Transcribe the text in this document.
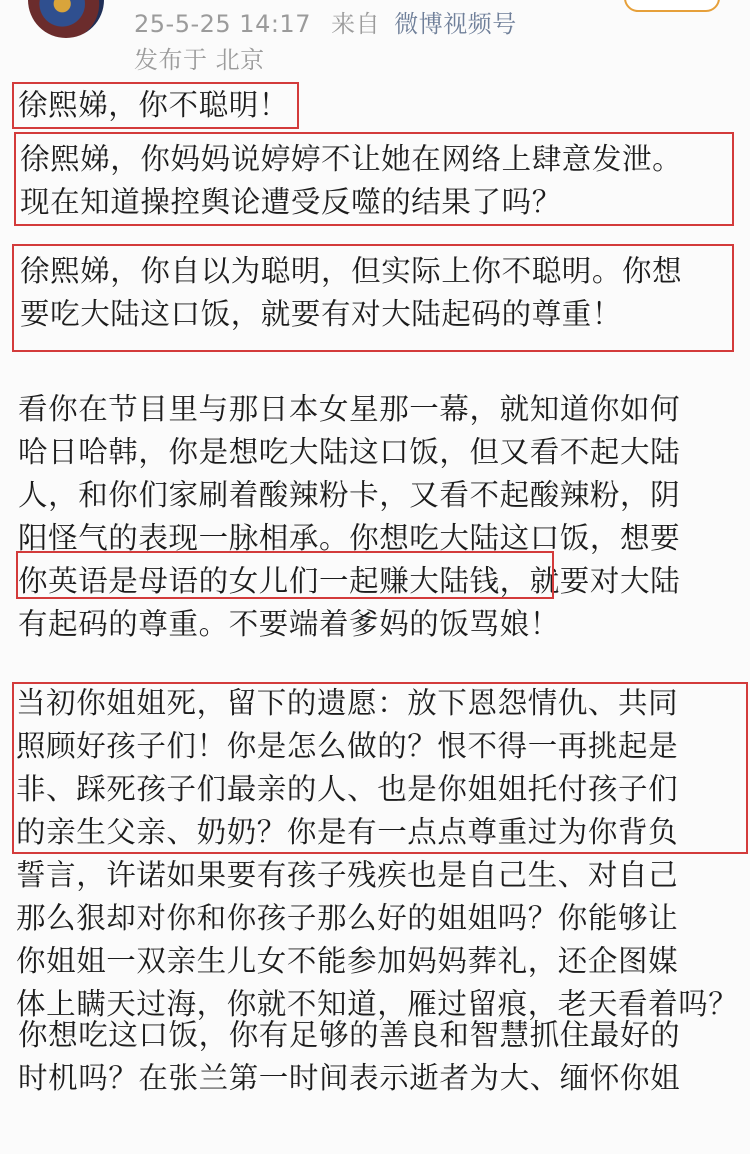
25-5-25 14:17 来自 微博视频号
发布于 北京
徐熙娣，你不聪明！
徐熙娣，你妈妈说婷婷不让她在网络上肆意发泄。
现在知道操控舆论遭受反噬的结果了吗？
徐熙娣，你自以为聪明，但实际上你不聪明。你想
要吃大陆这口饭，就要有对大陆起码的尊重！
看你在节目里与那日本女星那一幕，就知道你如何
哈日哈韩，你是想吃大陆这口饭，但又看不起大陆
人，和你们家刷着酸辣粉卡，又看不起酸辣粉，阴
阳怪气的表现一脉相承。你想吃大陆这口饭，想要
你英语是母语的女儿们一起赚大陆钱，就要对大陆
有起码的尊重。不要端着爹妈的饭骂娘！
当初你姐姐死，留下的遗愿：放下恩怨情仇、共同
照顾好孩子们！你是怎么做的？恨不得一再挑起是
非、踩死孩子们最亲的人、也是你姐姐托付孩子们
的亲生父亲、奶奶？你是有一点点尊重过为你背负
誓言，许诺如果要有孩子残疾也是自己生、对自己
那么狠却对你和你孩子那么好的姐姐吗？你能够让
你姐姐一双亲生儿女不能参加妈妈葬礼，还企图媒
体上瞒天过海，你就不知道，雁过留痕，老天看着吗？
你想吃这口饭，你有足够的善良和智慧抓住最好的
时机吗？在张兰第一时间表示逝者为大、缅怀你姐
